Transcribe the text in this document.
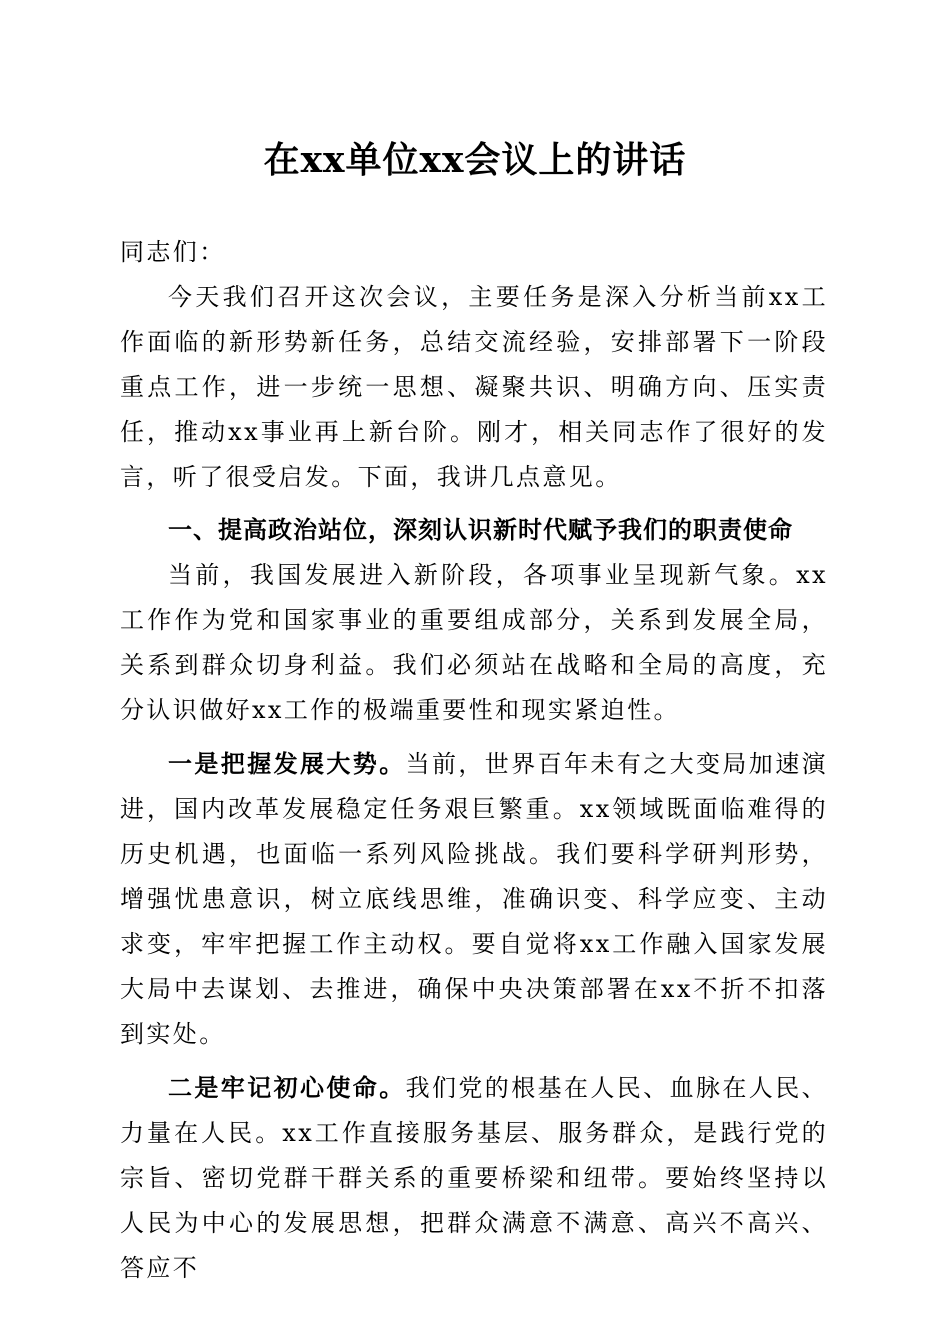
在xx单位xx会议上的讲话

同志们：

今天我们召开这次会议，主要任务是深入分析当前xx工作面临的新形势新任务，总结交流经验，安排部署下一阶段重点工作，进一步统一思想、凝聚共识、明确方向、压实责任，推动xx事业再上新台阶。刚才，相关同志作了很好的发言，听了很受启发。下面，我讲几点意见。

一、提高政治站位，深刻认识新时代赋予我们的职责使命

当前，我国发展进入新阶段，各项事业呈现新气象。xx工作作为党和国家事业的重要组成部分，关系到发展全局，关系到群众切身利益。我们必须站在战略和全局的高度，充分认识做好xx工作的极端重要性和现实紧迫性。

一是把握发展大势。当前，世界百年未有之大变局加速演进，国内改革发展稳定任务艰巨繁重。xx领域既面临难得的历史机遇，也面临一系列风险挑战。我们要科学研判形势，增强忧患意识，树立底线思维，准确识变、科学应变、主动求变，牢牢把握工作主动权。要自觉将xx工作融入国家发展大局中去谋划、去推进，确保中央决策部署在xx不折不扣落到实处。

二是牢记初心使命。我们党的根基在人民、血脉在人民、力量在人民。xx工作直接服务基层、服务群众，是践行党的宗旨、密切党群干群关系的重要桥梁和纽带。要始终坚持以人民为中心的发展思想，把群众满意不满意、高兴不高兴、答应不
